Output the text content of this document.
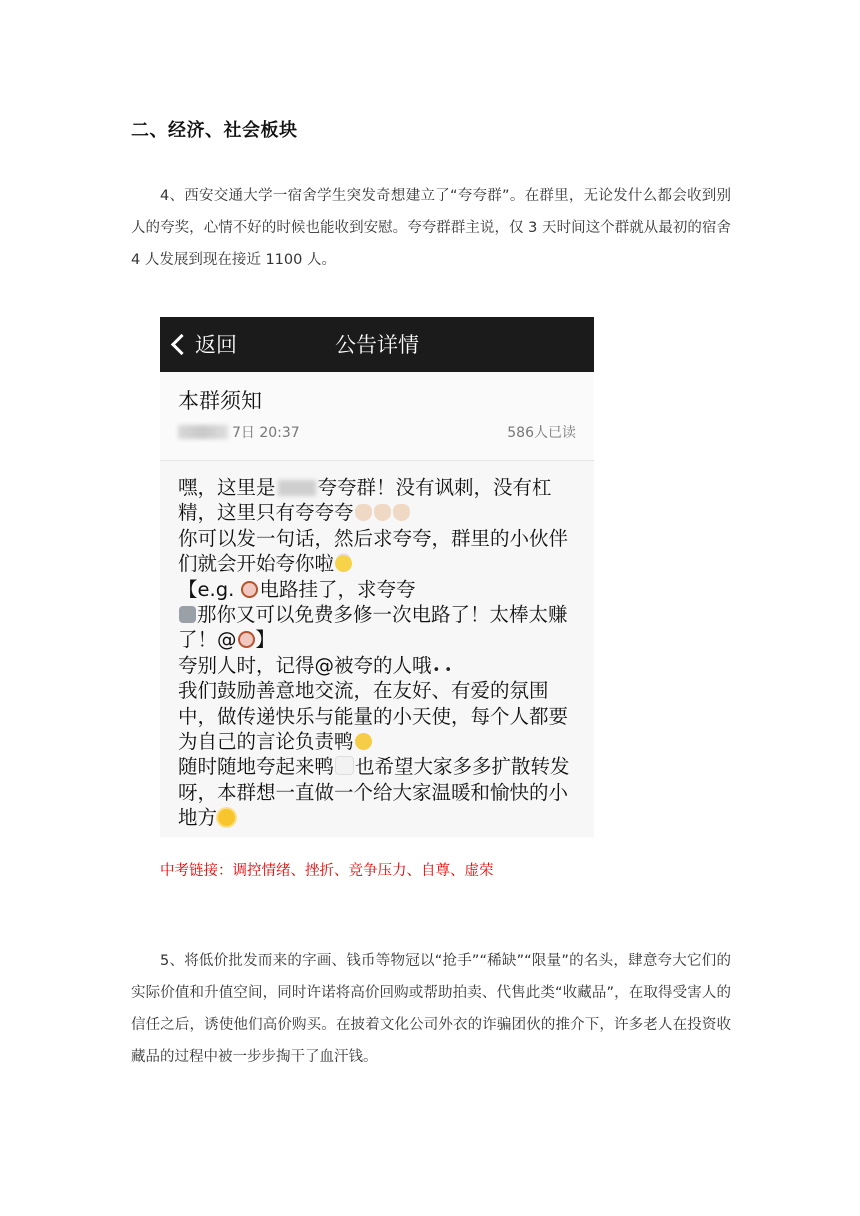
二、经济、社会板块

4、西安交通大学一宿舍学生突发奇想建立了“夸夸群”。在群里，无论发什么都会收到别人的夸奖，心情不好的时候也能收到安慰。夸夸群群主说，仅 3 天时间这个群就从最初的宿舍 4 人发展到现在接近 1100 人。

返回	公告详情
本群须知
7日 20:37	586人已读
嘿，这里是 夸夸群！没有讽刺，没有杠
精，这里只有夸夸夸
你可以发一句话，然后求夸夸，群里的小伙伴
们就会开始夸你啦
【e.g. 电路挂了，求夸夸
那你又可以免费多修一次电路了！太棒太赚
了！@ 】
夸别人时，记得@被夸的人哦• •
我们鼓励善意地交流，在友好、有爱的氛围
中，做传递快乐与能量的小天使，每个人都要
为自己的言论负责鸭
随时随地夸起来鸭 也希望大家多多扩散转发
呀，本群想一直做一个给大家温暖和愉快的小
地方
中考链接：调控情绪、挫折、竞争压力、自尊、虚荣

5、将低价批发而来的字画、钱币等物冠以“抢手”“稀缺”“限量”的名头，肆意夸大它们的实际价值和升值空间，同时许诺将高价回购或帮助拍卖、代售此类“收藏品”，在取得受害人的信任之后，诱使他们高价购买。在披着文化公司外衣的诈骗团伙的推介下，许多老人在投资收藏品的过程中被一步步掏干了血汗钱。
